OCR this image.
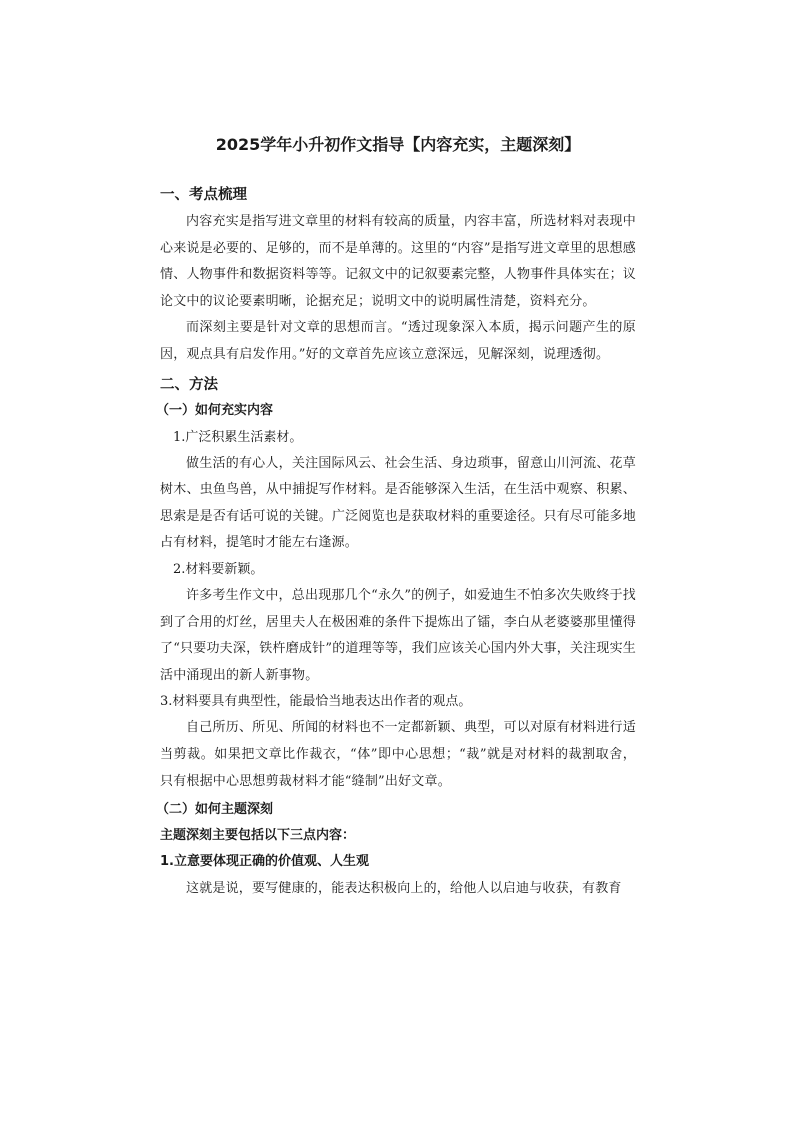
2025学年小升初作文指导【内容充实，主题深刻】
一、考点梳理

内容充实是指写进文章里的材料有较高的质量，内容丰富，所选材料对表现中心来说是必要的、足够的，而不是单薄的。这里的“内容”是指写进文章里的思想感情、人物事件和数据资料等等。记叙文中的记叙要素完整，人物事件具体实在；议论文中的议论要素明晰，论据充足；说明文中的说明属性清楚，资料充分。

而深刻主要是针对文章的思想而言。“透过现象深入本质，揭示问题产生的原因，观点具有启发作用。”好的文章首先应该立意深远，见解深刻，说理透彻。

二、方法
（一）如何充实内容

1.广泛积累生活素材。

做生活的有心人，关注国际风云、社会生活、身边琐事，留意山川河流、花草树木、虫鱼鸟兽，从中捕捉写作材料。是否能够深入生活，在生活中观察、积累、思索是是否有话可说的关键。广泛阅览也是获取材料的重要途径。只有尽可能多地占有材料，提笔时才能左右逢源。

2.材料要新颖。

许多考生作文中，总出现那几个“永久”的例子，如爱迪生不怕多次失败终于找到了合用的灯丝，居里夫人在极困难的条件下提炼出了镭，李白从老婆婆那里懂得了“只要功夫深，铁杵磨成针”的道理等等，我们应该关心国内外大事，关注现实生活中涌现出的新人新事物。

3.材料要具有典型性，能最恰当地表达出作者的观点。

自己所历、所见、所闻的材料也不一定都新颖、典型，可以对原有材料进行适当剪裁。如果把文章比作裁衣，“体”即中心思想；“裁”就是对材料的裁割取舍，只有根据中心思想剪裁材料才能“缝制”出好文章。

（二）如何主题深刻
主题深刻主要包括以下三点内容：
1.立意要体现正确的价值观、人生观

这就是说，要写健康的，能表达积极向上的，给他人以启迪与收获，有教育
